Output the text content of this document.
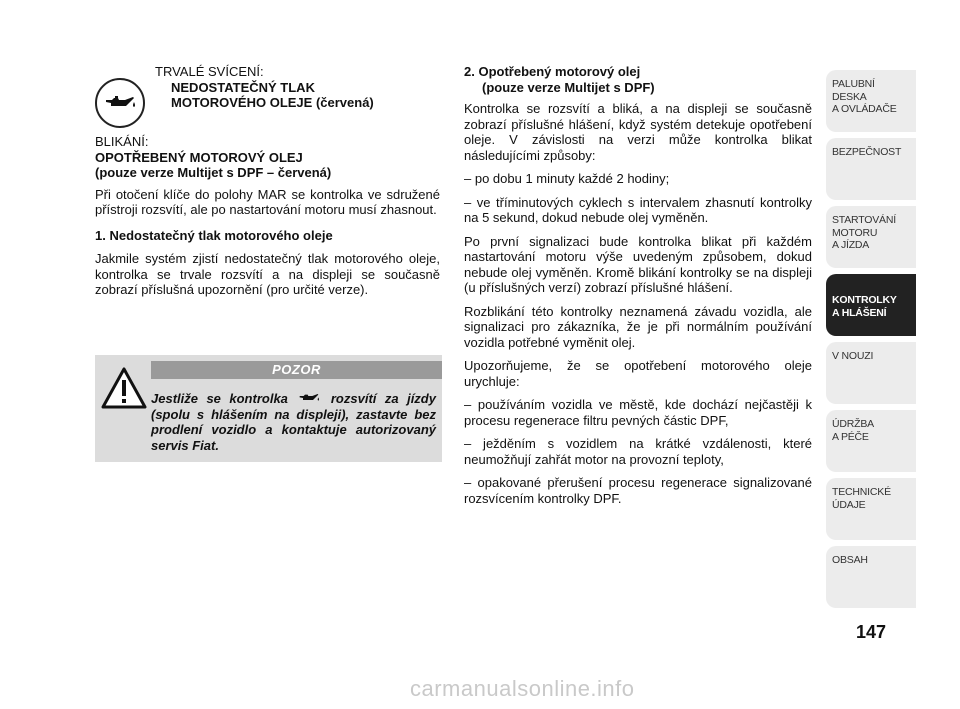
TRVALÉ SVÍCENÍ:
NEDOSTATEČNÝ TLAK
MOTOROVÉHO OLEJE (červená)
BLIKÁNÍ:
OPOTŘEBENÝ MOTOROVÝ OLEJ
(pouze verze Multijet s DPF – červená)

Při otočení klíče do polohy MAR se kontrolka ve sdružené přístroji rozsvítí, ale po nastartování motoru musí zhasnout.

1. Nedostatečný tlak motorového oleje

Jakmile systém zjistí nedostatečný tlak motorového oleje, kontrolka se trvale rozsvítí a na displeji se současně zobrazí příslušná upozornění (pro určité verze).

POZOR
Jestliže se kontrolka	rozsvítí za jízdy (spolu s hlášením na displeji), zastavte bez prodlení vozidlo a kontaktuje autorizovaný servis Fiat.
2. Opotřebený motorový olej
(pouze verze Multijet s DPF)

Kontrolka se rozsvítí a bliká, a na displeji se současně zobrazí příslušné hlášení, když systém detekuje opotřebení oleje. V závislosti na verzi může kontrolka blikat následujícími způsoby:

– po dobu 1 minuty každé 2 hodiny;

– ve tříminutových cyklech s intervalem zhasnutí kontrolky na 5 sekund, dokud nebude olej vyměněn.

Po první signalizaci bude kontrolka blikat při každém nastartování motoru výše uvedeným způsobem, dokud nebude olej vyměněn. Kromě blikání kontrolky se na displeji (u příslušných verzí) zobrazí příslušné hlášení.

Rozblikání této kontrolky neznamená závadu vozidla, ale signalizaci pro zákazníka, že je při normálním používání vozidla potřebné vyměnit olej.

Upozorňujeme, že se opotřebení motorového oleje urychluje:

– používáním vozidla ve městě, kde dochází nejčastěji k procesu regenerace filtru pevných částic DPF,

– ježděním s vozidlem na krátké vzdálenosti, které neumožňují zahřát motor na provozní teploty,

– opakované přerušení procesu regenerace signalizované rozsvícením kontrolky DPF.

PALUBNÍ DESKA
A OVLÁDAČE
BEZPEČNOST
STARTOVÁNÍ
MOTORU
A JÍZDA
KONTROLKY
A HLÁŠENÍ
V NOUZI
ÚDRŽBA
A PÉČE
TECHNICKÉ
ÚDAJE
OBSAH
147
carmanualsonline.info
